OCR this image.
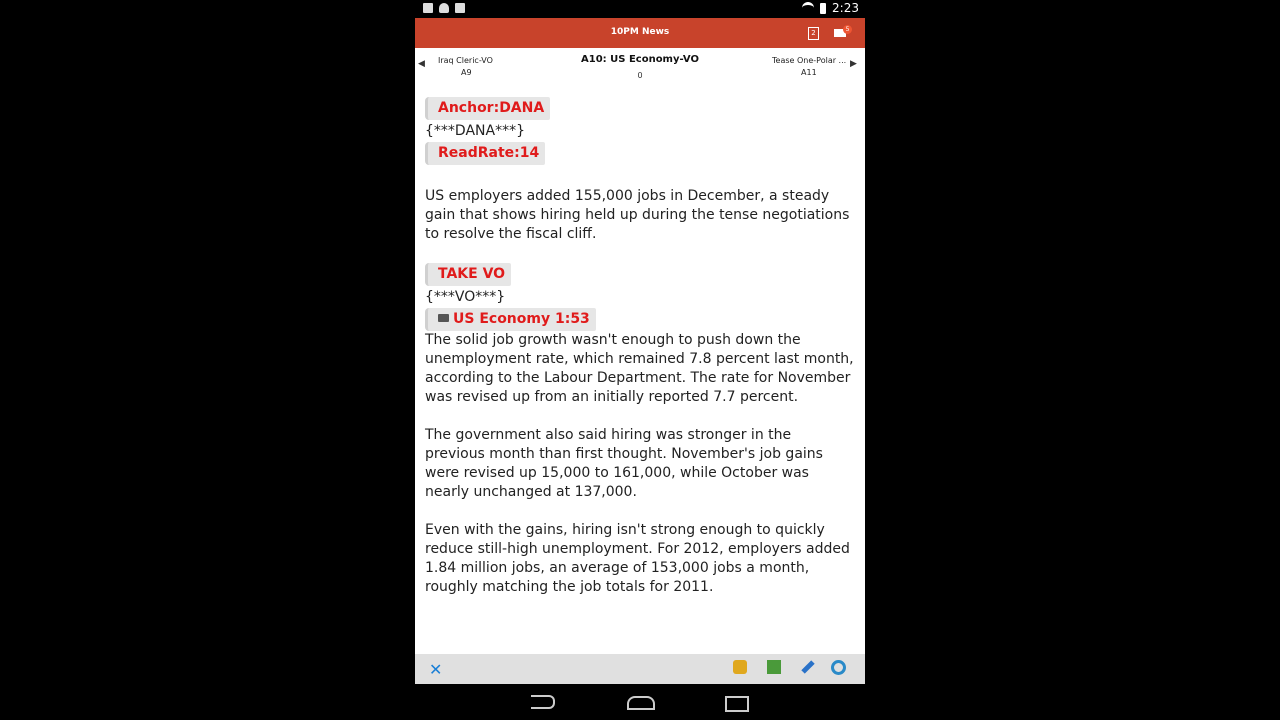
2:23
10PM News	2	5
◀ Iraq Cleric-VO
A9
A10: US Economy-VO
0
Tease One-Polar ...
A11
▶
Anchor:DANA
{***DANA***}
ReadRate:14
US employers added 155,000 jobs in December, a steady gain that shows hiring held up during the tense negotiations to resolve the fiscal cliff.
TAKE VO
{***VO***}
US Economy 1:53
The solid job growth wasn't enough to push down the unemployment rate, which remained 7.8 percent last month, according to the Labour Department. The rate for November was revised up from an initially reported 7.7 percent.
The government also said hiring was stronger in the previous month than first thought. November's job gains were revised up 15,000 to 161,000, while October was nearly unchanged at 137,000.
Even with the gains, hiring isn't strong enough to quickly reduce still-high unemployment. For 2012, employers added 1.84 million jobs, an average of 153,000 jobs a month, roughly matching the job totals for 2011.
✕
